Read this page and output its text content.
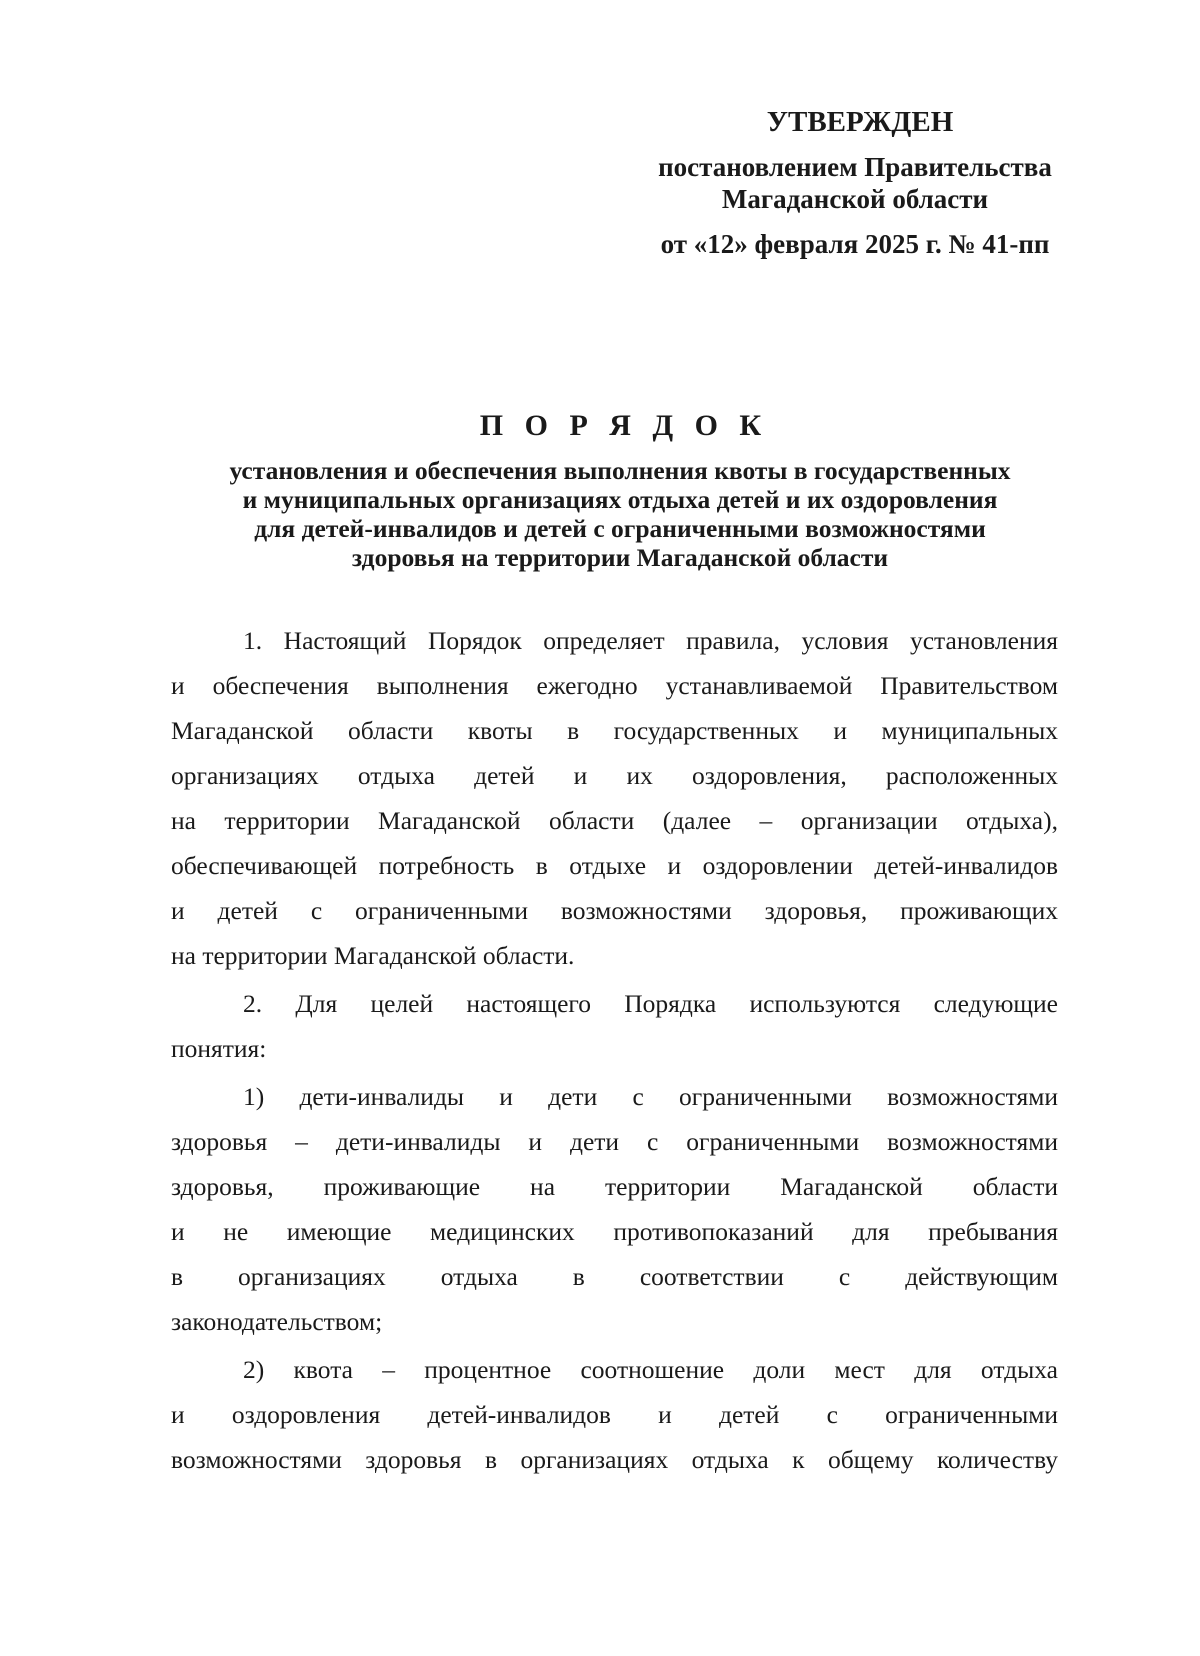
УТВЕРЖДЕН
постановлением Правительства
Магаданской области
от «12» февраля 2025 г. № 41-пп
П О Р Я Д О К
установления и обеспечения выполнения квоты в государственных
и муниципальных организациях отдыха детей и их оздоровления
для детей-инвалидов и детей с ограниченными возможностями
здоровья на территории Магаданской области
1. Настоящий Порядок определяет правила, условия установления
и обеспечения выполнения ежегодно устанавливаемой Правительством
Магаданской области квоты в государственных и муниципальных
организациях отдыха детей и их оздоровления, расположенных
на территории Магаданской области (далее – организации отдыха),
обеспечивающей потребность в отдыхе и оздоровлении детей-инвалидов
и детей с ограниченными возможностями здоровья, проживающих
на территории Магаданской области.
2. Для целей настоящего Порядка используются следующие
понятия:
1) дети-инвалиды и дети с ограниченными возможностями
здоровья – дети-инвалиды и дети с ограниченными возможностями
здоровья, проживающие на территории Магаданской области
и не имеющие медицинских противопоказаний для пребывания
в организациях отдыха в соответствии с действующим
законодательством;
2) квота – процентное соотношение доли мест для отдыха
и оздоровления детей-инвалидов и детей с ограниченными
возможностями здоровья в организациях отдыха к общему количеству
